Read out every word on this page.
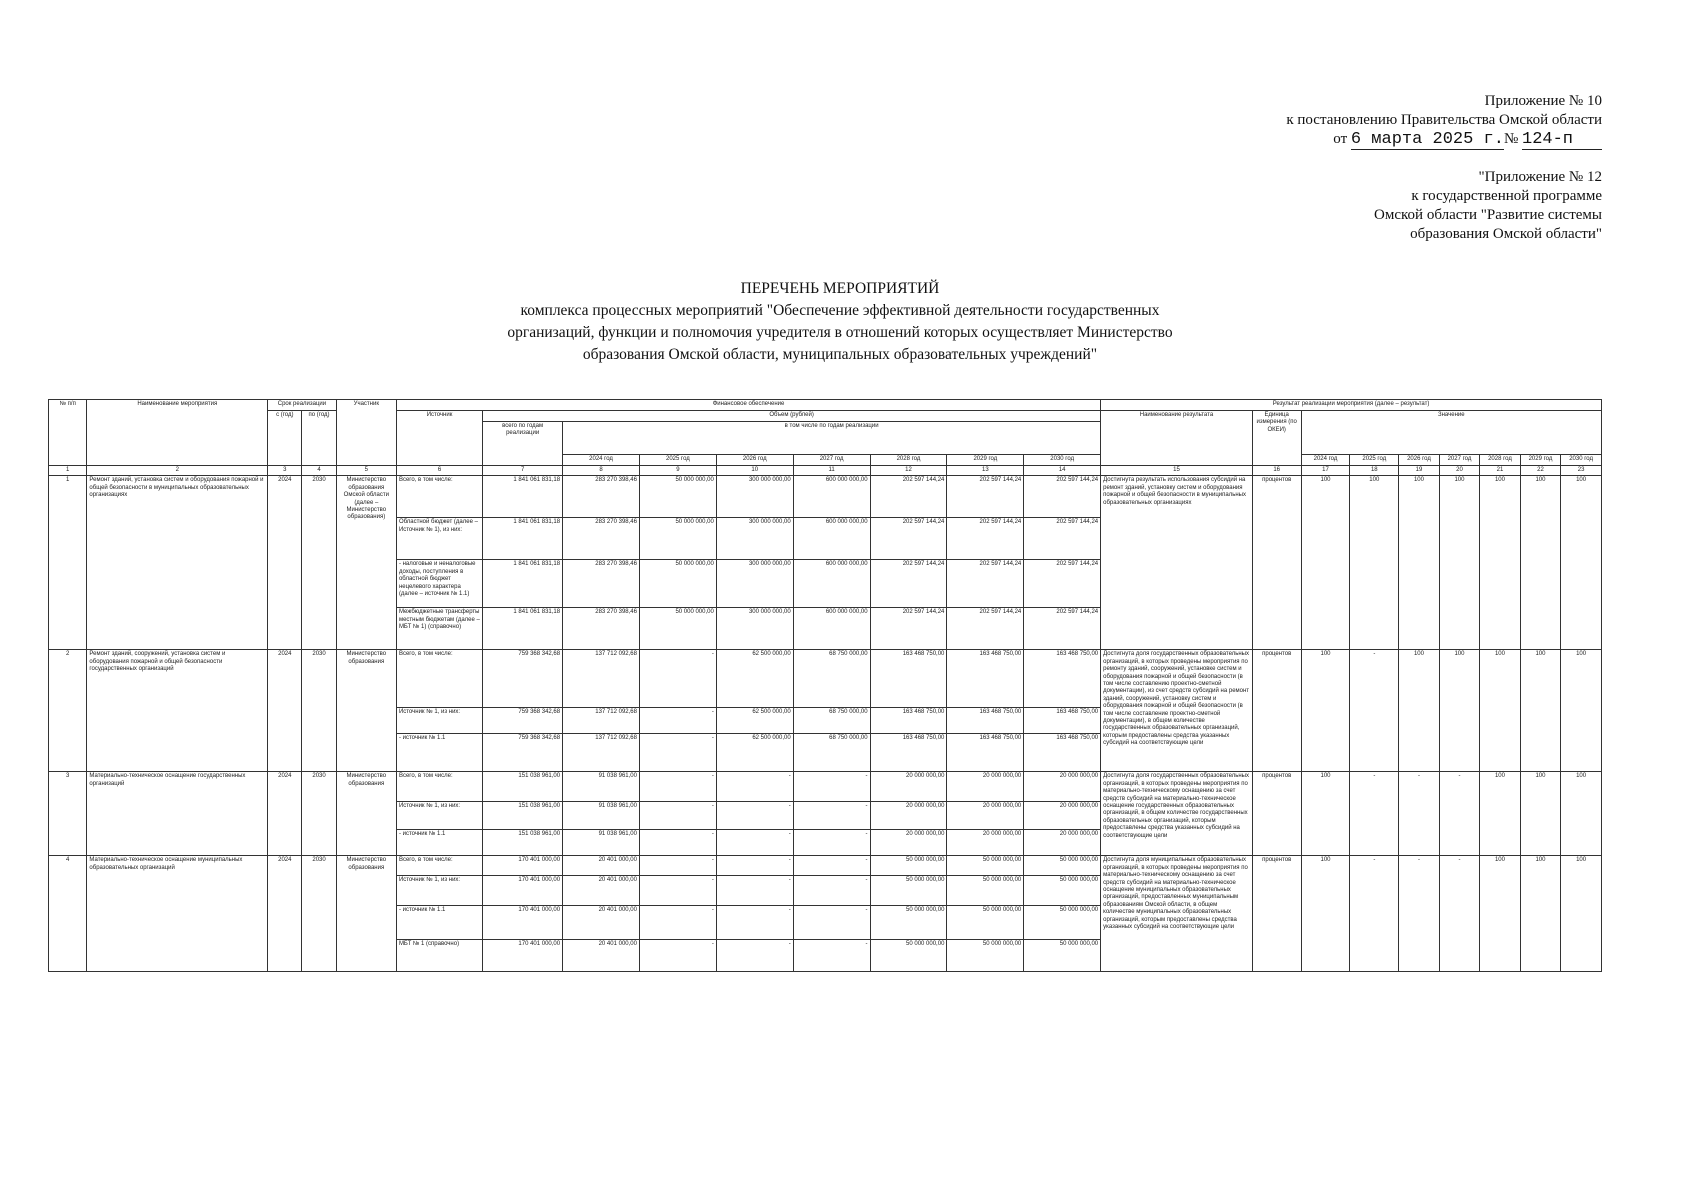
Приложение № 10
к постановлению Правительства Омской области
от 6 марта 2025 г.№ 124-п
"Приложение № 12
к государственной программе
Омской области "Развитие системы
образования Омской области"
ПЕРЕЧЕНЬ МЕРОПРИЯТИЙ
комплекса процессных мероприятий "Обеспечение эффективной деятельности государственных
организаций, функции и полномочия учредителя в отношений которых осуществляет Министерство
образования Омской области, муниципальных образовательных учреждений"
№ п/п	Наименование мероприятия	Срок реализации		Участник	Финансовое обеспечение									Результат реализации мероприятия (далее – результат)								
		с (год)	по (год)		Источник	Объем (рублей)								Наименование результата	Единица измерения (по ОКЕИ)	Значение						
						всего по годам реализации	в том числе по годам реализации															
							2024 год	2025 год	2026 год	2027 год	2028 год	2029 год	2030 год			2024 год	2025 год	2026 год	2027 год	2028 год	2029 год	2030 год
1	2	3	4	5	6	7	8	9	10	11	12	13	14	15	16	17	18	19	20	21	22	23
1	Ремонт зданий, установка систем и оборудования пожарной и общей безопасности в муниципальных образовательных организациях	2024	2030	Министерство образования Омской области (далее – Министерство образования)	Всего, в том числе:	1 841 061 831,18	283 270 398,46	50 000 000,00	300 000 000,00	600 000 000,00	202 597 144,24	202 597 144,24	202 597 144,24	Достигнута результать использования субсидий на ремонт зданий, установку систем и оборудования пожарной и общей безопасности в муниципальных образовательных организациях	процентов	100	100	100	100	100	100	100
					Областной бюджет (далее – Источник № 1), из них:	1 841 061 831,18	283 270 398,46	50 000 000,00	300 000 000,00	600 000 000,00	202 597 144,24	202 597 144,24	202 597 144,24									
					- налоговые и неналоговые доходы, поступления в областной бюджет нецелевого характера (далее – источник № 1.1)	1 841 061 831,18	283 270 398,46	50 000 000,00	300 000 000,00	600 000 000,00	202 597 144,24	202 597 144,24	202 597 144,24									
					Межбюджетные трансферты местным бюджетам (далее – МБТ № 1) (справочно)	1 841 061 831,18	283 270 398,46	50 000 000,00	300 000 000,00	600 000 000,00	202 597 144,24	202 597 144,24	202 597 144,24									
2	Ремонт зданий, сооружений, установка систем и оборудования пожарной и общей безопасности государственных организаций	2024	2030	Министерство образования	Всего, в том числе:	759 368 342,68	137 712 092,68	-	62 500 000,00	68 750 000,00	163 468 750,00	163 468 750,00	163 468 750,00	Достигнута доля государственных образовательных организаций, в которых проведены мероприятия по ремонту зданий, сооружений, установке систем и оборудования пожарной и общей безопасности (в том числе составлению проектно-сметной документации), из счет средств субсидий на ремонт зданий, сооружений, установку систем и оборудования пожарной и общей безопасности (в том числе составление проектно-сметной документации), в общем количестве государственных образовательных организаций, которым предоставлены средства указанных субсидий на соответствующие цели	процентов	100	-	100	100	100	100	100
					Источник № 1, из них:	759 368 342,68	137 712 092,68	-	62 500 000,00	68 750 000,00	163 468 750,00	163 468 750,00	163 468 750,00									
					- источник № 1.1	759 368 342,68	137 712 092,68	-	62 500 000,00	68 750 000,00	163 468 750,00	163 468 750,00	163 468 750,00									
3	Материально-техническое оснащение государственных организаций	2024	2030	Министерство образования	Всего, в том числе:	151 038 961,00	91 038 961,00	-	-	-	20 000 000,00	20 000 000,00	20 000 000,00	Достигнута доля государственных образовательных организаций, в которых проведены мероприятия по материально-техническому оснащению за счет средств субсидий на материально-техническое оснащение государственных образовательных организаций, в общем количестве государственных образовательных организаций, которым предоставлены средства указанных субсидий на соответствующие цели	процентов	100	-	-	-	100	100	100
					Источник № 1, из них:	151 038 961,00	91 038 961,00	-	-	-	20 000 000,00	20 000 000,00	20 000 000,00									
					- источник № 1.1	151 038 961,00	91 038 961,00	-	-	-	20 000 000,00	20 000 000,00	20 000 000,00									
4	Материально-техническое оснащение муниципальных образовательных организаций	2024	2030	Министерство образования	Всего, в том числе:	170 401 000,00	20 401 000,00	-	-	-	50 000 000,00	50 000 000,00	50 000 000,00	Достигнута доля муниципальных образовательных организаций, в которых проведены мероприятия по материально-техническому оснащению за счет средств субсидий на материально-техническое оснащение муниципальных образовательных организаций, предоставленных муниципальным образованиям Омской области, в общем количестве муниципальных образовательных организаций, которым предоставлены средства указанных субсидий на соответствующие цели	процентов	100	-	-	-	100	100	100
					Источник № 1, из них:	170 401 000,00	20 401 000,00	-	-	-	50 000 000,00	50 000 000,00	50 000 000,00									
					- источник № 1.1	170 401 000,00	20 401 000,00	-	-	-	50 000 000,00	50 000 000,00	50 000 000,00									
					МБТ № 1 (справочно)	170 401 000,00	20 401 000,00	-	-	-	50 000 000,00	50 000 000,00	50 000 000,00									
